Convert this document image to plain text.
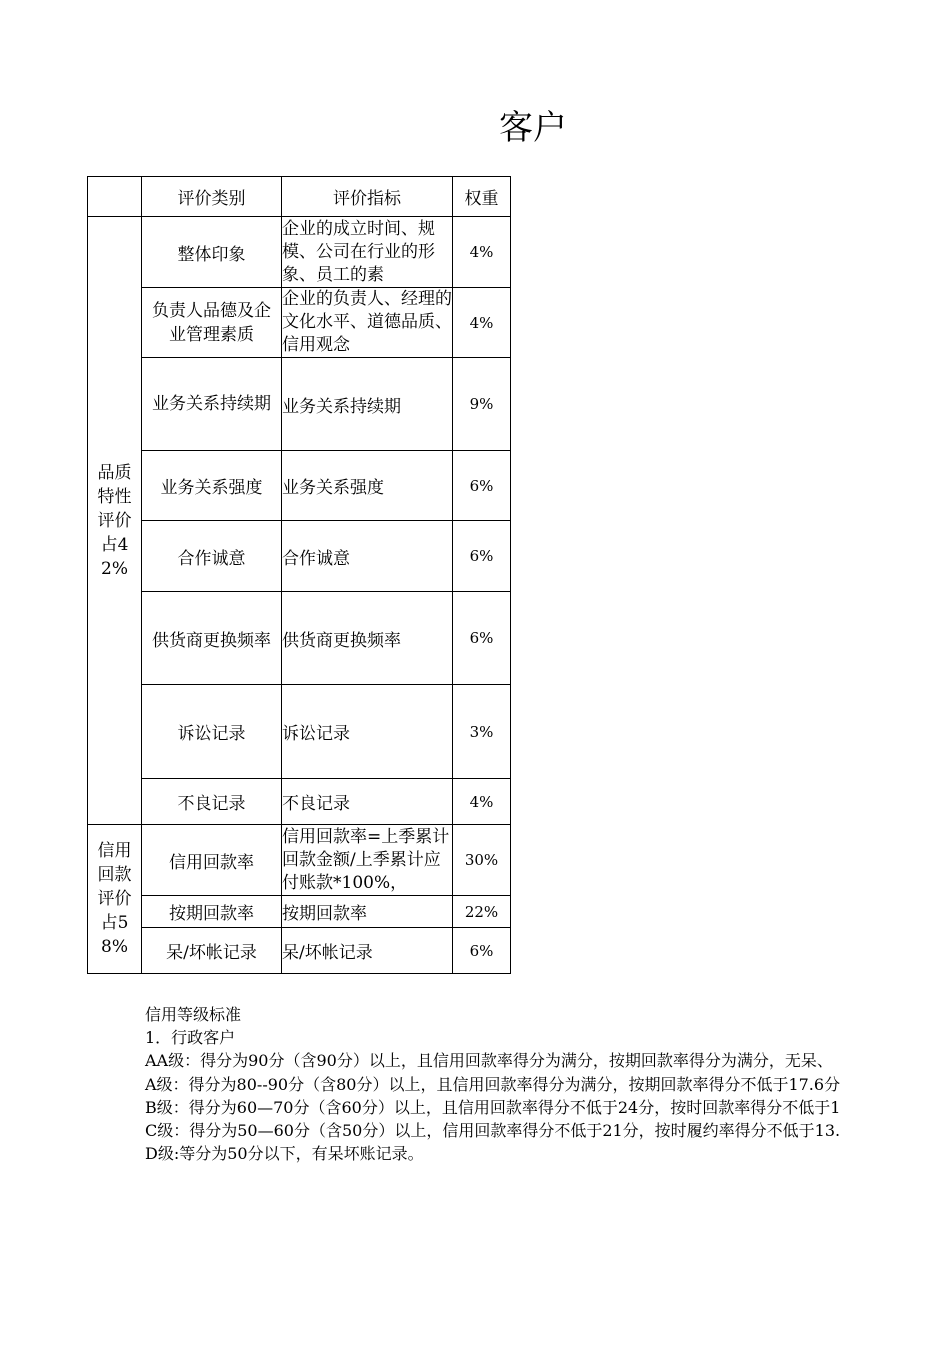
客户
	评价类别	评价指标	权重

品质特性评价占42%	整体印象	企业的成立时间、规模、公司在行业的形象、员工的素	4%

	负责人品德及企业管理素质	企业的负责人、经理的文化水平、道德品质、信用观念	4%

	业务关系持续期	业务关系持续期	9%
	业务关系强度	业务关系强度	6%
	合作诚意	合作诚意	6%
	供货商更换频率	供货商更换频率	6%
	诉讼记录	诉讼记录	3%
	不良记录	不良记录	4%

信用回款评价占58%	信用回款率	信用回款率=上季累计回款金额/上季累计应付账款*100%，	30%
	按期回款率	按期回款率	22%
	呆/坏帐记录	呆/坏帐记录	6%
信用等级标准
1．行政客户
AA级：得分为90分（含90分）以上，且信用回款率得分为满分，按期回款率得分为满分，无呆、
A级：得分为80--90分（含80分）以上，且信用回款率得分为满分，按期回款率得分不低于17.6分
B级：得分为60—70分（含60分）以上，且信用回款率得分不低于24分，按时回款率得分不低于1
C级：得分为50—60分（含50分）以上，信用回款率得分不低于21分，按时履约率得分不低于13.
D级:等分为50分以下，有呆坏账记录。
